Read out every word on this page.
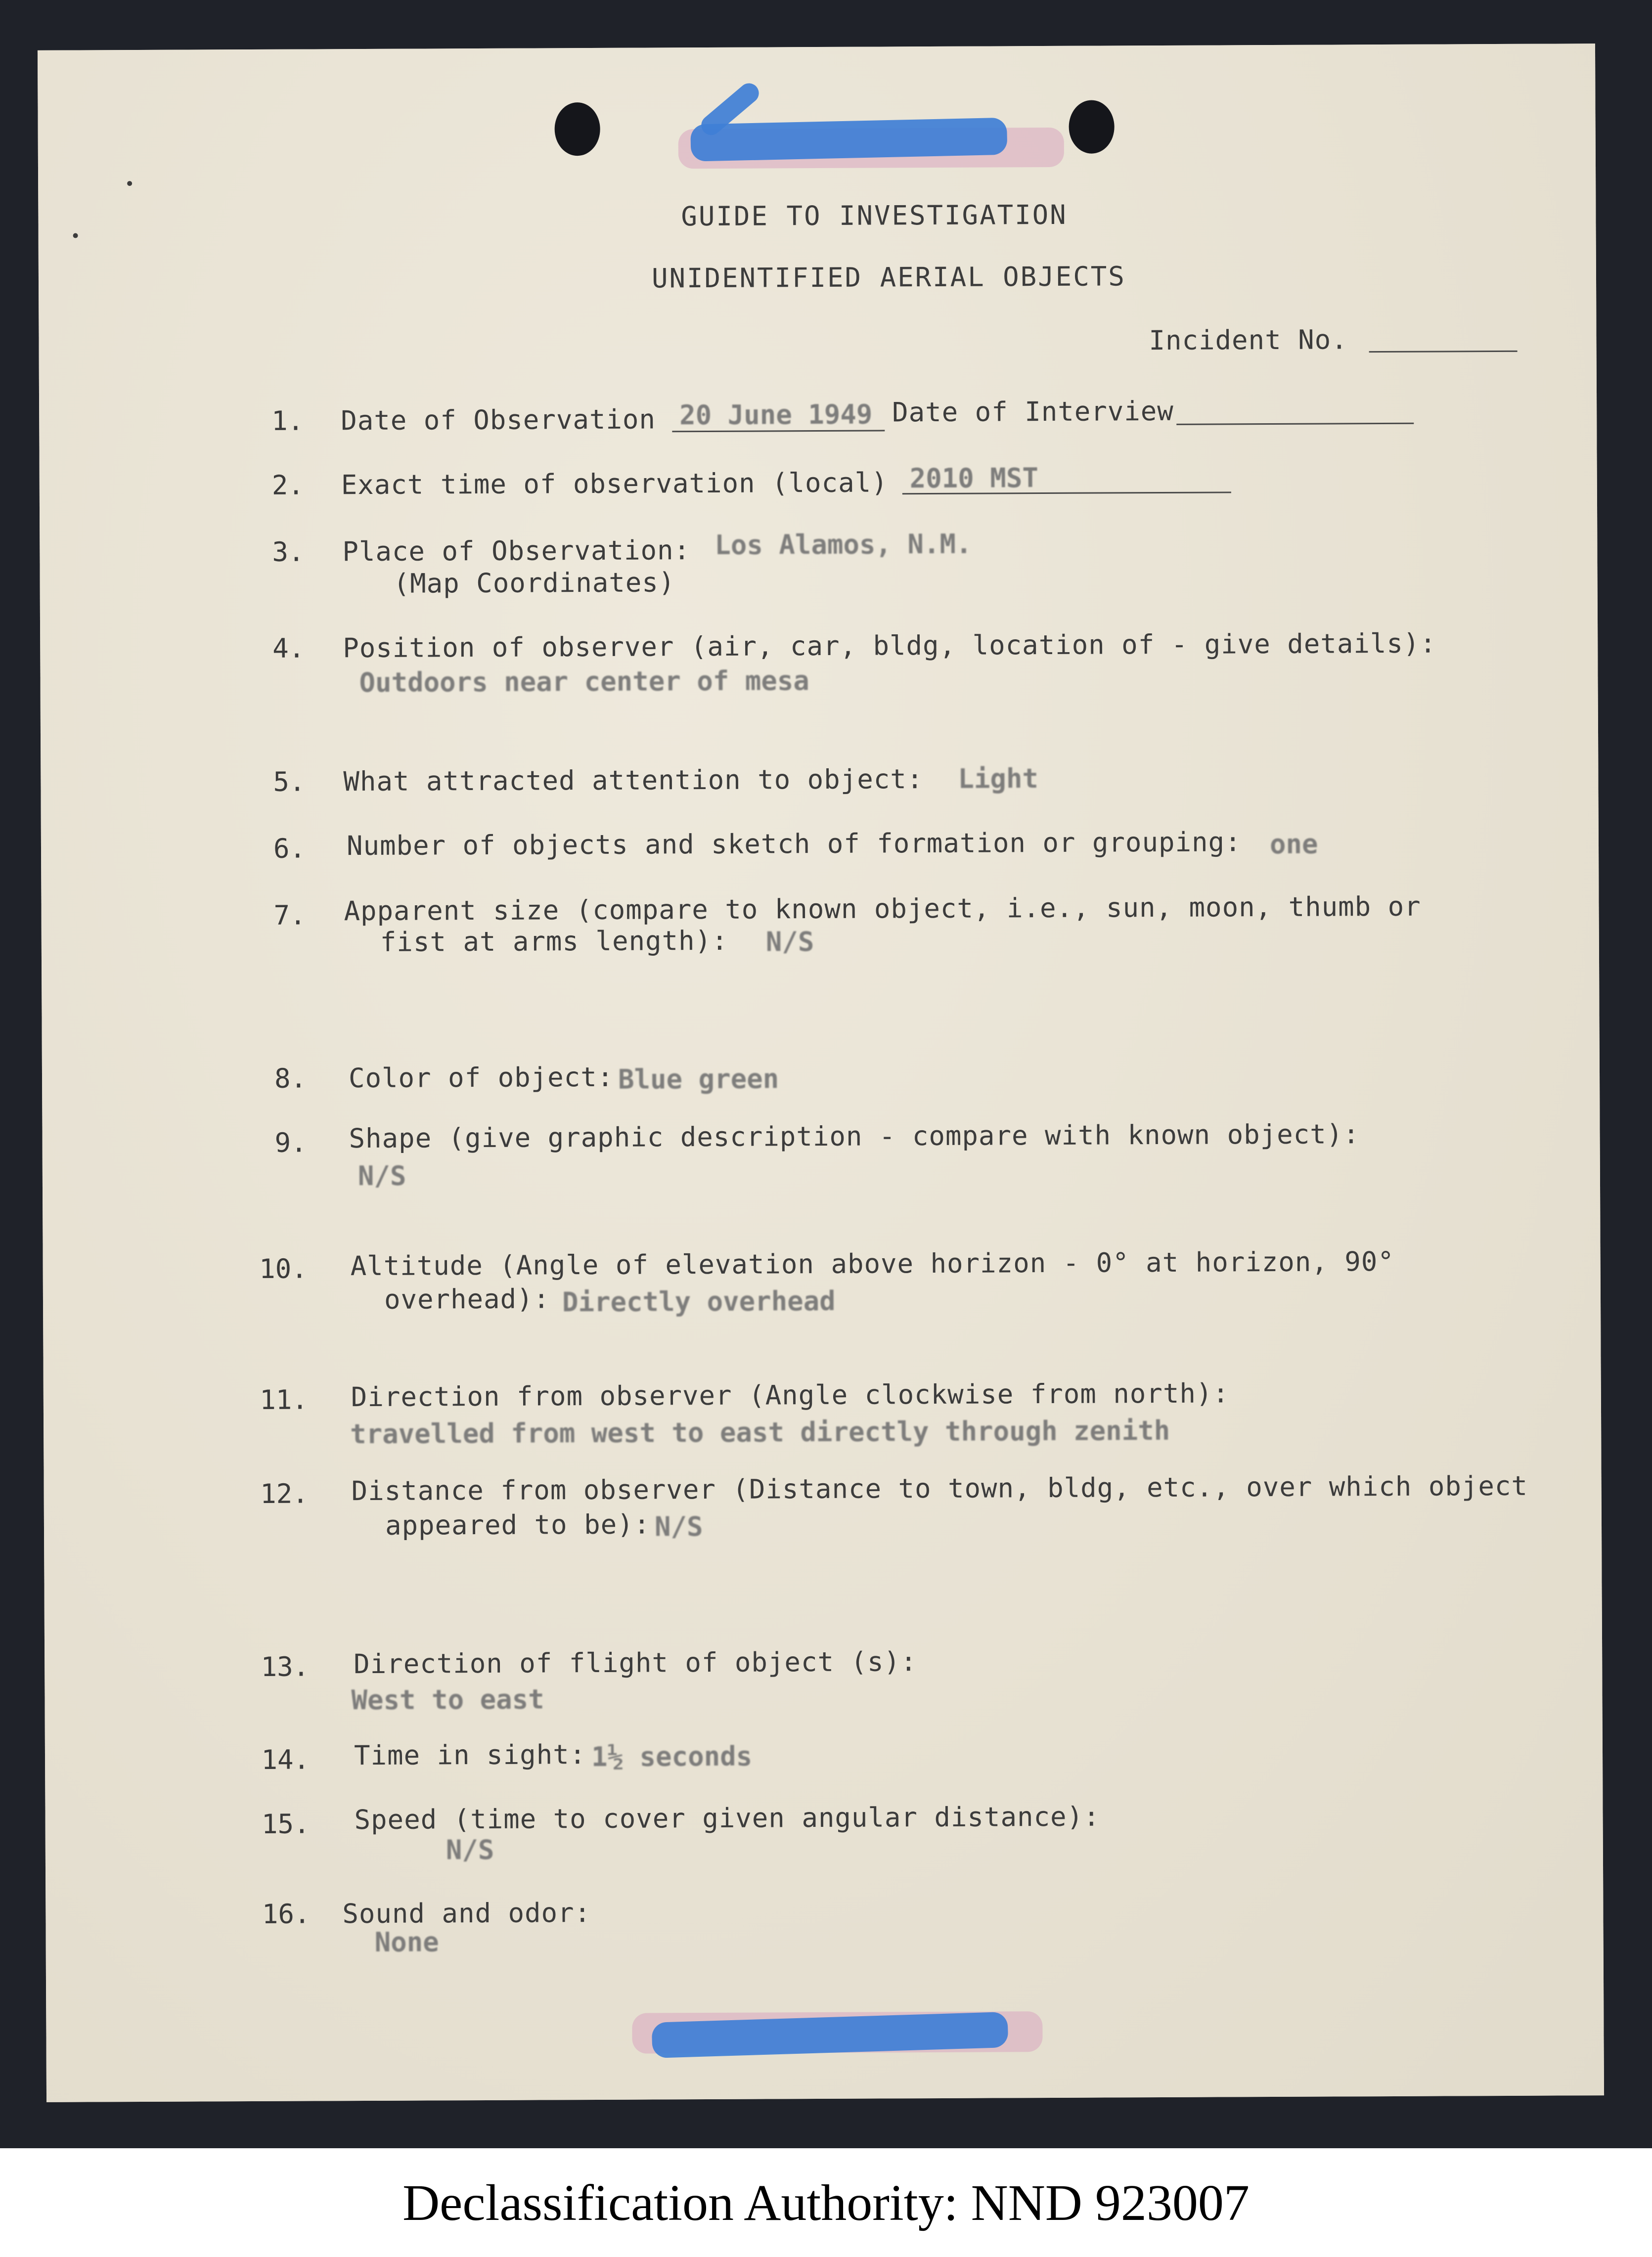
GUIDE TO INVESTIGATION
UNIDENTIFIED AERIAL OBJECTS
Incident No.
1. Date of Observation 20 June 1949 Date of Interview
2. Exact time of observation (local) 2010 MST
3. Place of Observation: Los Alamos, N.M.
(Map Coordinates)
4. Position of observer (air, car, bldg, location of - give details):
Outdoors near center of mesa
5. What attracted attention to object: Light
6. Number of objects and sketch of formation or grouping: one
7. Apparent size (compare to known object, i.e., sun, moon, thumb or
fist at arms length): N/S
8. Color of object: Blue green
9. Shape (give graphic description - compare with known object):
N/S
10. Altitude (Angle of elevation above horizon - 0° at horizon, 90°
overhead): Directly overhead
11. Direction from observer (Angle clockwise from north):
travelled from west to east directly through zenith
12. Distance from observer (Distance to town, bldg, etc., over which object
appeared to be): N/S
13. Direction of flight of object (s):
West to east
14. Time in sight: 1½ seconds
15. Speed (time to cover given angular distance):
N/S
16. Sound and odor:
None
Declassification Authority: NND 923007
